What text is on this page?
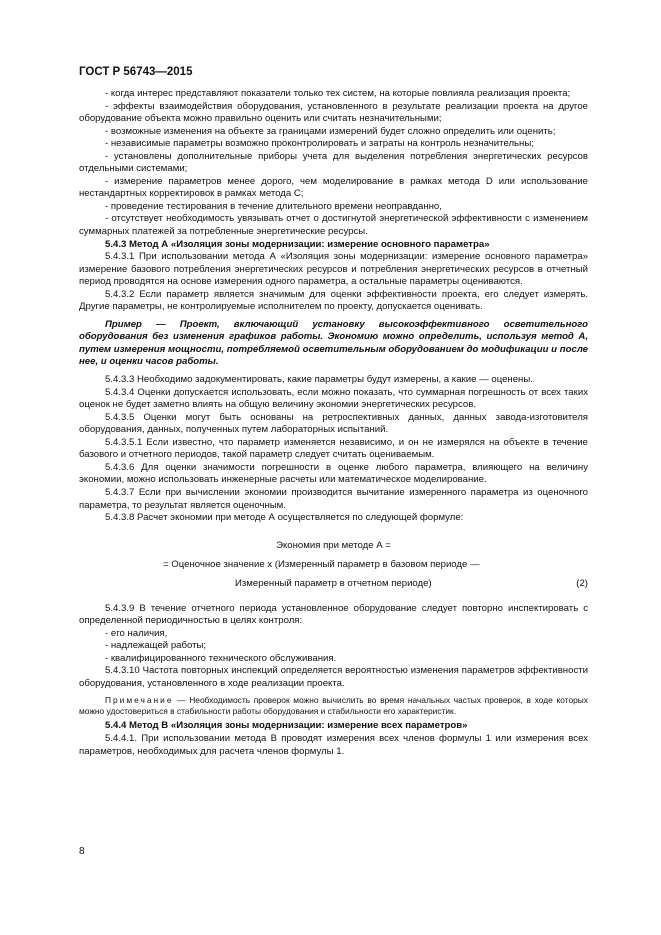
ГОСТ Р 56743—2015

- когда интерес представляют показатели только тех систем, на которые повлияла реализация проекта;

- эффекты взаимодействия оборудования, установленного в результате реализации проекта на другое оборудование объекта можно правильно оценить или считать незначительными;

- возможные изменения на объекте за границами измерений будет сложно определить или оценить;

- независимые параметры возможно проконтролировать и затраты на контроль незначительны;

- установлены дополнительные приборы учета для выделения потребления энергетических ресурсов отдельными системами;

- измерение параметров менее дорого, чем моделирование в рамках метода D или использование нестандартных корректировок в рамках метода С;

- проведение тестирования в течение длительного времени неоправданно,

- отсутствует необходимость увязывать отчет о достигнутой энергетической эффективности с изменением суммарных платежей за потребленные энергетические ресурсы.

5.4.3 Метод А «Изоляция зоны модернизации: измерение основного параметра»

5.4.3.1 При использовании метода А «Изоляция зоны модернизации: измерение основного параметра» измерение базового потребления энергетических ресурсов и потребления энергетических ресурсов в отчетный период проводятся на основе измерения одного параметра, а остальные параметры оцениваются.

5.4.3.2 Если параметр является значимым для оценки эффективности проекта, его следует измерять. Другие параметры, не контролируемые исполнителем по проекту, допускается оценивать.

Пример — Проект, включающий установку высокоэффективного осветительного оборудования без изменения графиков работы. Экономию можно определить, используя метод А, путем измерения мощности, потребляемой осветительным оборудованием до модификации и после нее, и оценки часов работы.

5.4.3.3 Необходимо задокументировать, какие параметры будут измерены, а какие — оценены.

5.4.3.4 Оценки допускается использовать, если можно показать, что суммарная погрешность от всех таких оценок не будет заметно влиять на общую величину экономии энергетических ресурсов.

5.4.3.5 Оценки могут быть основаны на ретроспективных данных, данных завода-изготовителя оборудования, данных, полученных путем лабораторных испытаний.

5.4.3.5.1 Если известно, что параметр изменяется независимо, и он не измерялся на объекте в течение базового и отчетного периодов, такой параметр следует считать оцениваемым.

5.4.3.6 Для оценки значимости погрешности в оценке любого параметра, влияющего на величину экономии, можно использовать инженерные расчеты или математическое моделирование.

5.4.3.7 Если при вычислении экономии производится вычитание измеренного параметра из оценочного параметра, то результат является оценочным.

5.4.3.8 Расчет экономии при методе А осуществляется по следующей формуле:

Экономия при методе А =
= Оценочное значение х (Измеренный параметр в базовом периоде —
Измеренный параметр в отчетном периоде)	(2)

5.4.3.9 В течение отчетного периода установленное оборудование следует повторно инспектировать с определенной периодичностью в целях контроля:

- его наличия,

- надлежащей работы;

- квалифицированного технического обслуживания.

5.4.3.10 Частота повторных инспекций определяется вероятностью изменения параметров эффективности оборудования, установленного в ходе реализации проекта.

Примечание — Необходимость проверок можно вычислить во время начальных частых проверок, в ходе которых можно удостовериться в стабильности работы оборудования и стабильности его характеристик.

5.4.4 Метод В «Изоляция зоны модернизации: измерение всех параметров»

5.4.4.1. При использовании метода В проводят измерения всех членов формулы 1 или измерения всех параметров, необходимых для расчета членов формулы 1.

8
